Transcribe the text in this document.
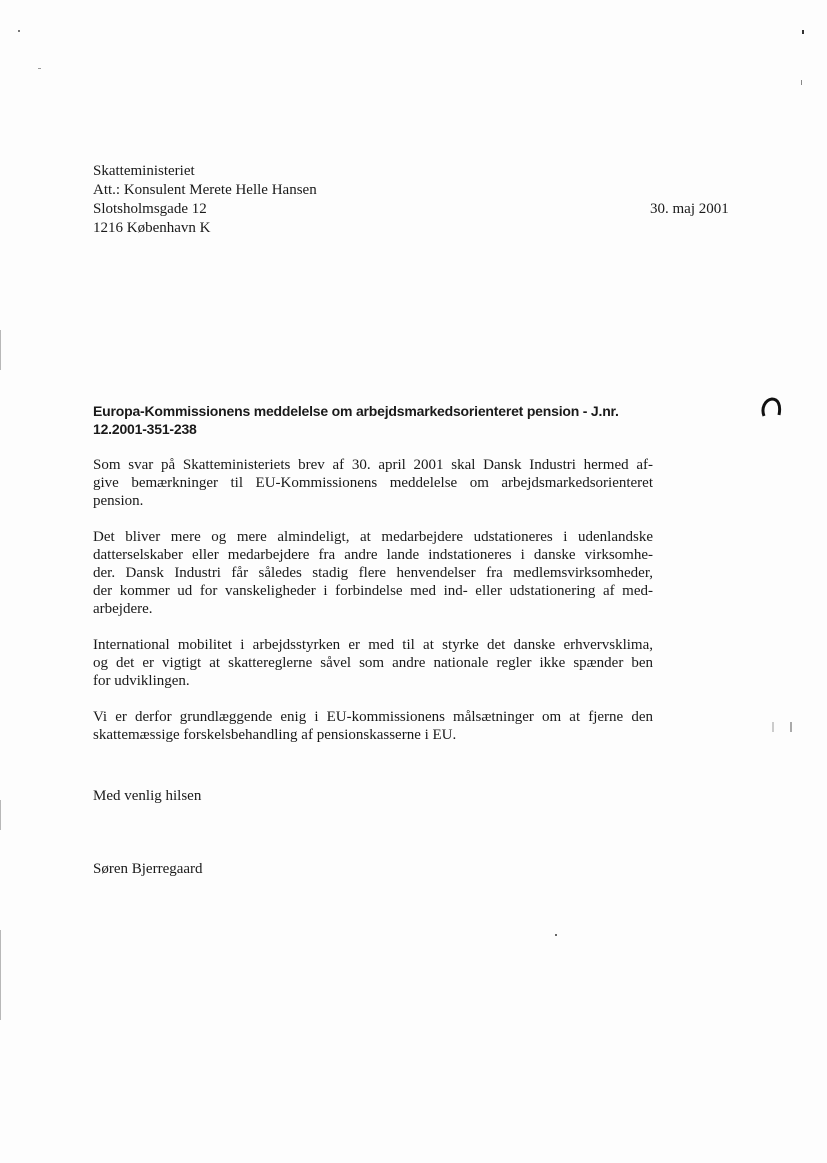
Skatteministeriet
Att.: Konsulent Merete Helle Hansen
Slotsholmsgade 12
1216 København K
30. maj 2001
Europa-Kommissionens meddelelse om arbejdsmarkedsorienteret pension - J.nr.
12.2001-351-238
Som svar på Skatteministeriets brev af 30. april 2001 skal Dansk Industri hermed af-
give bemærkninger til EU-Kommissionens meddelelse om arbejdsmarkedsorienteret
pension.
Det bliver mere og mere almindeligt, at medarbejdere udstationeres i udenlandske
datterselskaber eller medarbejdere fra andre lande indstationeres i danske virksomhe-
der. Dansk Industri får således stadig flere henvendelser fra medlemsvirksomheder,
der kommer ud for vanskeligheder i forbindelse med ind- eller udstationering af med-
arbejdere.
International mobilitet i arbejdsstyrken er med til at styrke det danske erhvervsklima,
og det er vigtigt at skattereglerne såvel som andre nationale regler ikke spænder ben
for udviklingen.
Vi er derfor grundlæggende enig i EU-kommissionens målsætninger om at fjerne den
skattemæssige forskelsbehandling af pensionskasserne i EU.
Med venlig hilsen
Søren Bjerregaard
